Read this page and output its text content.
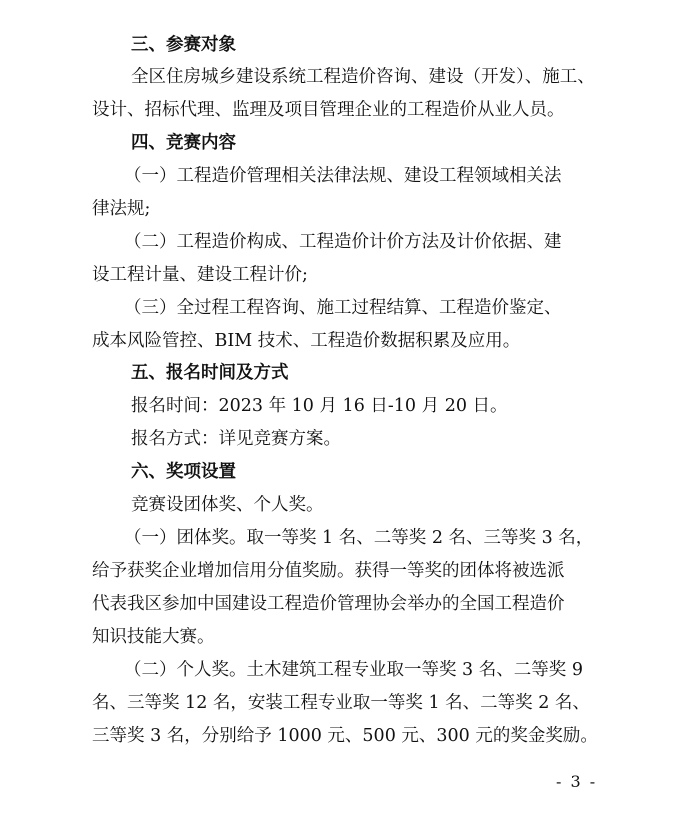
三、参赛对象
全区住房城乡建设系统工程造价咨询、建设（开发）、施工、
设计、招标代理、监理及项目管理企业的工程造价从业人员。
四、竞赛内容
（一）工程造价管理相关法律法规、建设工程领域相关法
律法规;
（二）工程造价构成、工程造价计价方法及计价依据、建
设工程计量、建设工程计价;
（三）全过程工程咨询、施工过程结算、工程造价鉴定、
成本风险管控、BIM 技术、工程造价数据积累及应用。
五、报名时间及方式
报名时间：2023 年 10 月 16 日-10 月 20 日。
报名方式：详见竞赛方案。
六、奖项设置
竞赛设团体奖、个人奖。
（一）团体奖。取一等奖 1 名、二等奖 2 名、三等奖 3 名，
给予获奖企业增加信用分值奖励。获得一等奖的团体将被选派
代表我区参加中国建设工程造价管理协会举办的全国工程造价
知识技能大赛。
（二）个人奖。土木建筑工程专业取一等奖 3 名、二等奖 9
名、三等奖 12 名，安装工程专业取一等奖 1 名、二等奖 2 名、
三等奖 3 名，分别给予 1000 元、500 元、300 元的奖金奖励。
- 3 -
